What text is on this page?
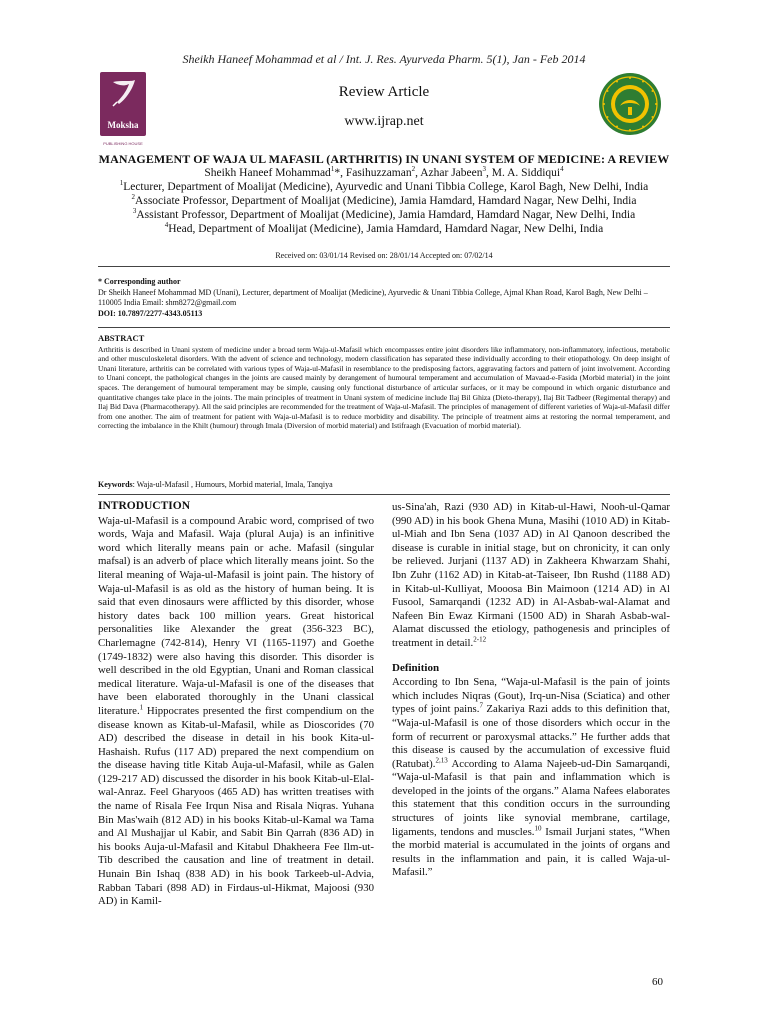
Sheikh Haneef Mohammad et al / Int. J. Res. Ayurveda Pharm. 5(1), Jan - Feb 2014
Moksha
PUBLISHING HOUSE
Review Article
www.ijrap.net
MANAGEMENT OF WAJA UL MAFASIL (ARTHRITIS) IN UNANI SYSTEM OF MEDICINE: A REVIEW
Sheikh Haneef Mohammad$^1$*, Fasihuzzaman$^2$, Azhar Jabeen$^3$, M. A. Siddiqui$^4$
$^1$Lecturer, Department of Moalijat (Medicine), Ayurvedic and Unani Tibbia College, Karol Bagh, New Delhi, India
$^2$Associate Professor, Department of Moalijat (Medicine), Jamia Hamdard, Hamdard Nagar, New Delhi, India
$^3$Assistant Professor, Department of Moalijat (Medicine), Jamia Hamdard, Hamdard Nagar, New Delhi, India
$^4$Head, Department of Moalijat (Medicine), Jamia Hamdard, Hamdard Nagar, New Delhi, India
Received on: 03/01/14 Revised on: 28/01/14 Accepted on: 07/02/14
* Corresponding author
Dr Sheikh Haneef Mohammad MD (Unani), Lecturer, department of Moalijat (Medicine), Ayurvedic & Unani Tibbia College, Ajmal Khan Road, Karol Bagh, New Delhi – 110005 India Email: shm8272@gmail.com
DOI: 10.7897/2277-4343.05113
ABSTRACT
Arthritis is described in Unani system of medicine under a broad term Waja-ul-Mafasil which encompasses entire joint disorders like inflammatory, non-inflammatory, infectious, metabolic and other musculoskeletal disorders. With the advent of science and technology, modern classification has separated these individually according to their etiopathology. On deep insight of Unani literature, arthritis can be correlated with various types of Waja-ul-Mafasil in resemblance to the predisposing factors, aggravating factors and pattern of joint involvement. According to Unani concept, the pathological changes in the joints are caused mainly by derangement of humoural temperament and accumulation of Mavaad-e-Fasida (Morbid material) in the joint spaces. The derangement of humoural temperament may be simple, causing only functional disturbance of articular surfaces, or it may be compound in which organic disturbance and quantitative changes take place in the joints. The main principles of treatment in Unani system of medicine include Ilaj Bil Ghiza (Dieto-therapy), Ilaj Bit Tadbeer (Regimental therapy) and Ilaj Bid Dava (Pharmacotherapy). All the said principles are recommended for the treatment of Waja-ul-Mafasil. The principles of management of different varieties of Waja-ul-Mafasil differ from one another. The aim of treatment for patient with Waja-ul-Mafasil is to reduce morbidity and disability. The principle of treatment aims at restoring the normal temperament, and correcting the imbalance in the Khilt (humour) through Imala (Diversion of morbid material) and Istifraagh (Evacuation of morbid material).
Keywords: Waja-ul-Mafasil , Humours, Morbid material, Imala, Tanqiya
INTRODUCTION

Waja-ul-Mafasil is a compound Arabic word, comprised of two words, Waja and Mafasil. Waja (plural Auja) is an infinitive word which literally means pain or ache. Mafasil (singular mafsal) is an adverb of place which literally means joint. So the literal meaning of Waja-ul-Mafasil is joint pain. The history of Waja-ul-Mafasil is as old as the history of human being. It is said that even dinosaurs were afflicted by this disorder, whose history dates back 100 million years. Great historical personalities like Alexander the great (356-323 BC), Charlemagne (742-814), Henry VI (1165-1197) and Goethe (1749-1832) were also having this disorder. This disorder is well described in the old Egyptian, Unani and Roman classical medical literature. Waja-ul-Mafasil is one of the diseases that have been elaborated thoroughly in the Unani classical literature.$^1$ Hippocrates presented the first compendium on the disease known as Kitab-ul-Mafasil, while as Dioscorides (70 AD) described the disease in detail in his book Kita-ul-Hashaish. Rufus (117 AD) prepared the next compendium on the disease having title Kitab Auja-ul-Mafasil, while as Galen (129-217 AD) discussed the disorder in his book Kitab-ul-Elal-wal-Anraz. Feel Gharyoos (465 AD) has written treatises with the name of Risala Fee Irqun Nisa and Risala Niqras. Yuhana Bin Mas'waih (812 AD) in his books Kitab-ul-Kamal wa Tama and Al Mushajjar ul Kabir, and Sabit Bin Qarrah (836 AD) in his books Auja-ul-Mafasil and Kitabul Dhakheera Fee Ilm-ut-Tib described the causation and line of treatment in detail. Hunain Bin Ishaq (838 AD) in his book Tarkeeb-ul-Advia, Rabban Tabari (898 AD) in Firdaus-ul-Hikmat, Majoosi (930 AD) in Kamil-

us-Sina'ah, Razi (930 AD) in Kitab-ul-Hawi, Nooh-ul-Qamar (990 AD) in his book Ghena Muna, Masihi (1010 AD) in Kitab-ul-Miah and Ibn Sena (1037 AD) in Al Qanoon described the disease is curable in initial stage, but on chronicity, it can only be relieved. Jurjani (1137 AD) in Zakheera Khwarzam Shahi, Ibn Zuhr (1162 AD) in Kitab-at-Taiseer, Ibn Rushd (1188 AD) in Kitab-ul-Kulliyat, Mooosa Bin Maimoon (1214 AD) in Al Fusool, Samarqandi (1232 AD) in Al-Asbab-wal-Alamat and Nafeen Bin Ewaz Kirmani (1500 AD) in Sharah Asbab-wal-Alamat discussed the etiology, pathogenesis and principles of treatment in detail.$^{2-12}$

Definition

According to Ibn Sena, “Waja-ul-Mafasil is the pain of joints which includes Niqras (Gout), Irq-un-Nisa (Sciatica) and other types of joint pains.$^7$ Zakariya Razi adds to this definition that, “Waja-ul-Mafasil is one of those disorders which occur in the form of recurrent or paroxysmal attacks.” He further adds that this disease is caused by the accumulation of excessive fluid (Ratubat).$^{2,13}$ According to Alama Najeeb-ud-Din Samarqandi, “Waja-ul-Mafasil is that pain and inflammation which is developed in the joints of the organs.” Alama Nafees elaborates this statement that this condition occurs in the surrounding structures of joints like synovial membrane, cartilage, ligaments, tendons and muscles.$^{10}$ Ismail Jurjani states, “When the morbid material is accumulated in the joints of organs and results in the inflammation and pain, it is called Waja-ul-Mafasil.”

60
